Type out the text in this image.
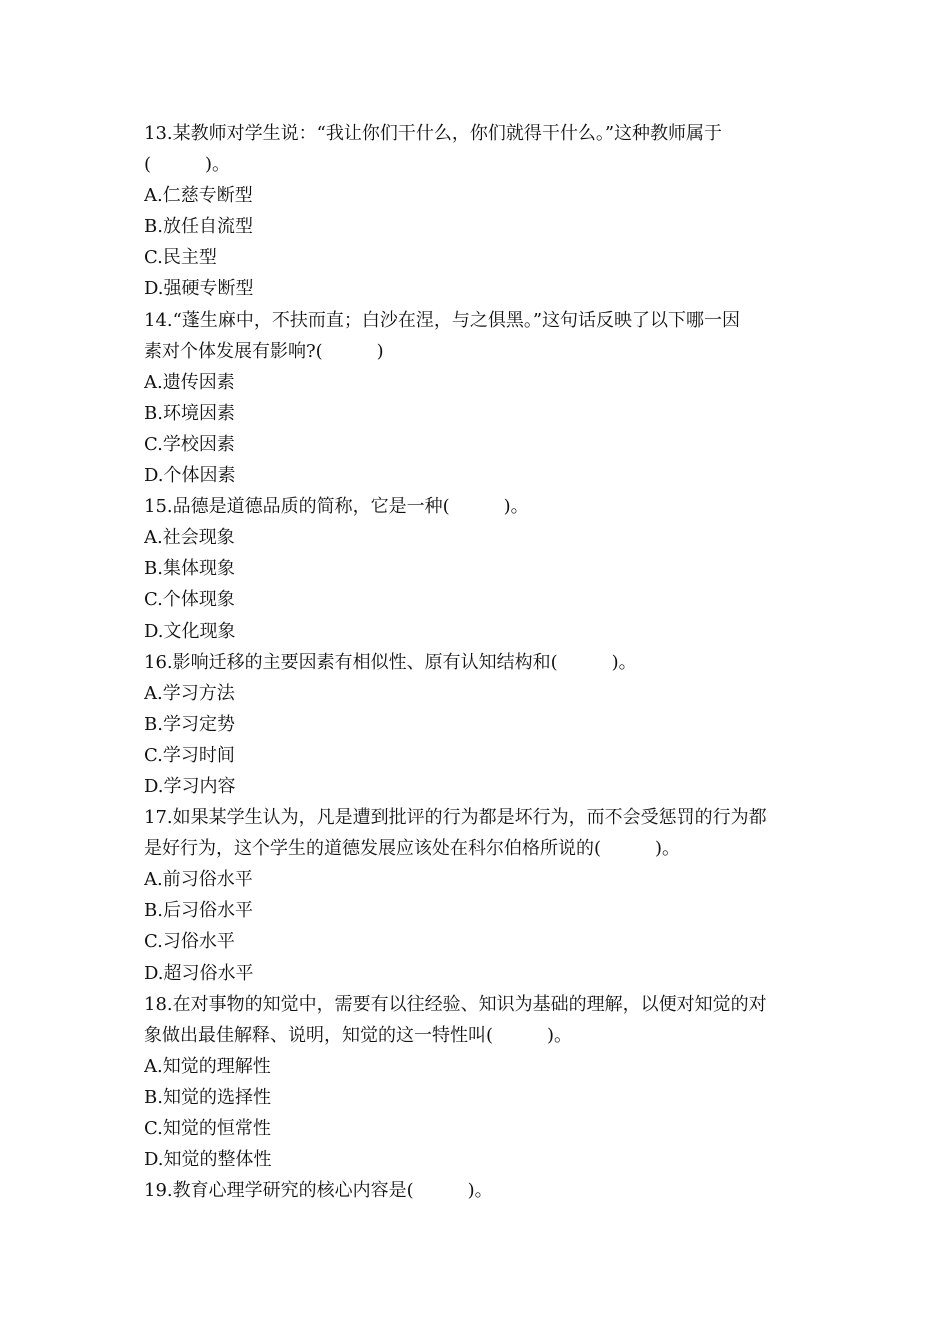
13.某教师对学生说：“我让你们干什么，你们就得干什么。”这种教师属于
(　　　)。
A.仁慈专断型
B.放任自流型
C.民主型
D.强硬专断型
14.“蓬生麻中，不扶而直；白沙在涅，与之俱黑。”这句话反映了以下哪一因
素对个体发展有影响?(　　　)
A.遗传因素
B.环境因素
C.学校因素
D.个体因素
15.品德是道德品质的简称，它是一种(　　　)。
A.社会现象
B.集体现象
C.个体现象
D.文化现象
16.影响迁移的主要因素有相似性、原有认知结构和(　　　)。
A.学习方法
B.学习定势
C.学习时间
D.学习内容
17.如果某学生认为，凡是遭到批评的行为都是坏行为，而不会受惩罚的行为都
是好行为，这个学生的道德发展应该处在科尔伯格所说的(　　　)。
A.前习俗水平
B.后习俗水平
C.习俗水平
D.超习俗水平
18.在对事物的知觉中，需要有以往经验、知识为基础的理解，以便对知觉的对
象做出最佳解释、说明，知觉的这一特性叫(　　　)。
A.知觉的理解性
B.知觉的选择性
C.知觉的恒常性
D.知觉的整体性
19.教育心理学研究的核心内容是(　　　)。
